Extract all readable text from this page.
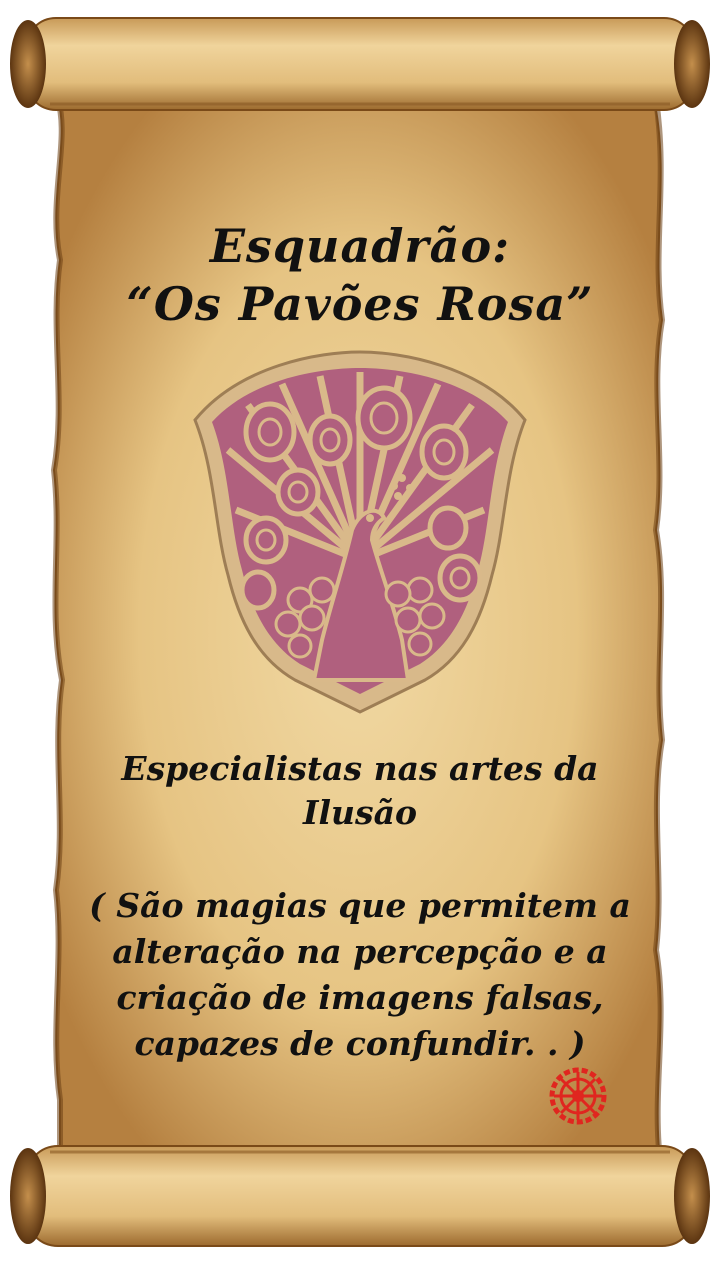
Esquadrão:
“Os Pavões Rosa”
Especialistas nas artes da
Ilusão
( São magias que permitem a
alteração na percepção e a
criação de imagens falsas,
capazes de confundir. . )
